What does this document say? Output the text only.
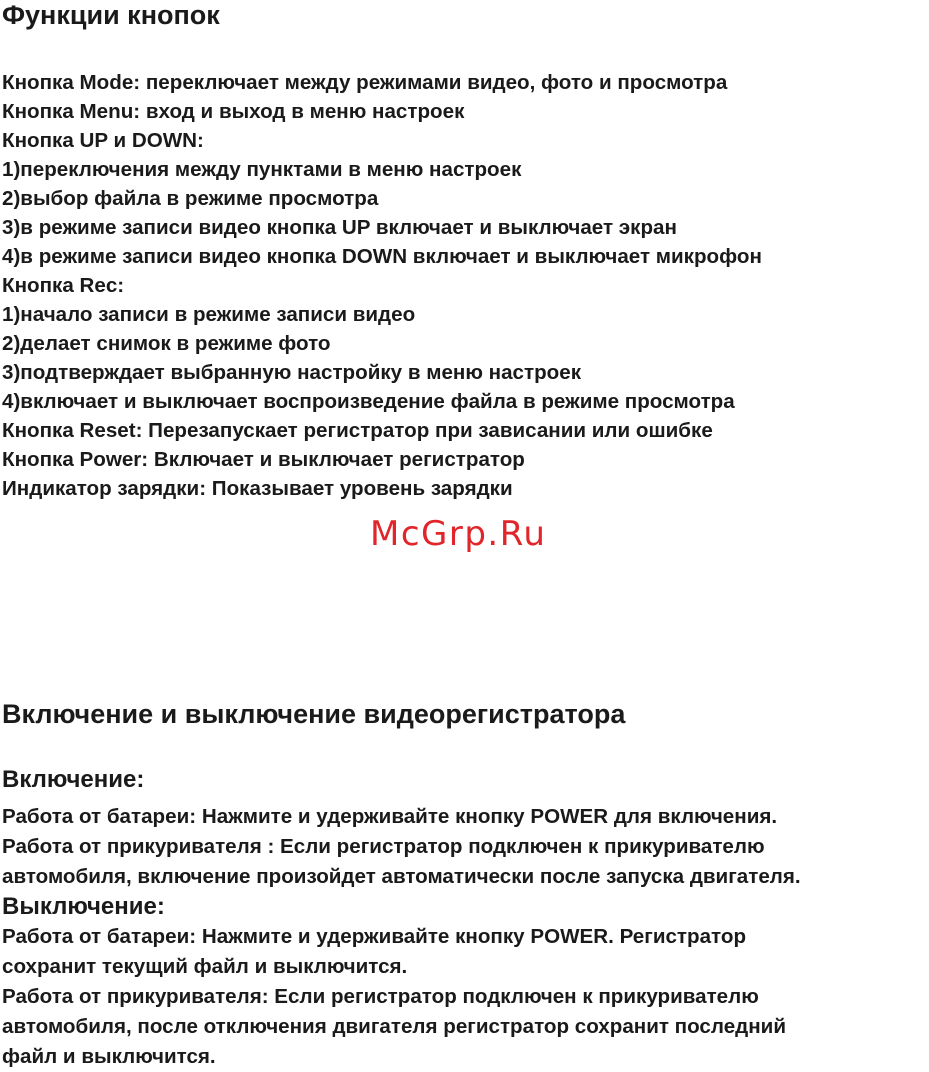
Функции кнопок
Кнопка Mode: переключает между режимами видео, фото и просмотра
Кнопка Menu: вход и выход в меню настроек
Кнопка UP и DOWN:
1)переключения между пунктами в меню настроек
2)выбор файла в режиме просмотра
3)в режиме записи видео кнопка UP включает и выключает экран
4)в режиме записи видео кнопка DOWN включает и выключает микрофон
Кнопка Rec:
1)начало записи в режиме записи видео
2)делает снимок в режиме фото
3)подтверждает выбранную настройку в меню настроек
4)включает и выключает воспроизведение файла в режиме просмотра
Кнопка Reset: Перезапускает регистратор при зависании или ошибке
Кнопка Power: Включает и выключает регистратор
Индикатор зарядки: Показывает уровень зарядки
McGrp.Ru
Включение и выключение видеорегистратора
Включение:
Работа от батареи: Нажмите и удерживайте кнопку POWER для включения.
Работа от прикуривателя : Если регистратор подключен к прикуривателю
автомобиля, включение произойдет автоматически после запуска двигателя.
Выключение:
Работа от батареи: Нажмите и удерживайте кнопку POWER. Регистратор
сохранит текущий файл и выключится.
Работа от прикуривателя: Если регистратор подключен к прикуривателю
автомобиля, после отключения двигателя регистратор сохранит последний
файл и выключится.
